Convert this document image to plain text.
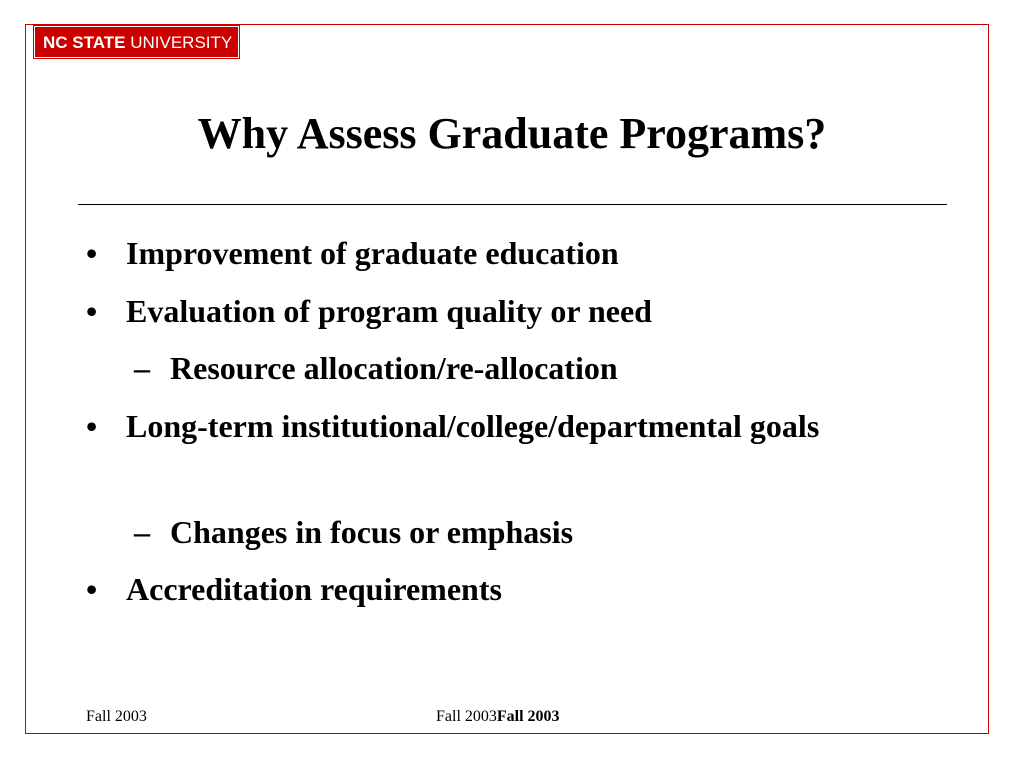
NC STATE UNIVERSITY
Why Assess Graduate Programs?
• Improvement of graduate education
• Evaluation of program quality or need
– Resource allocation/re-allocation
• Long-term institutional/college/departmental goals
– Changes in focus or emphasis
• Accreditation requirements
Fall 2003	Fall 2003Fall 2003
